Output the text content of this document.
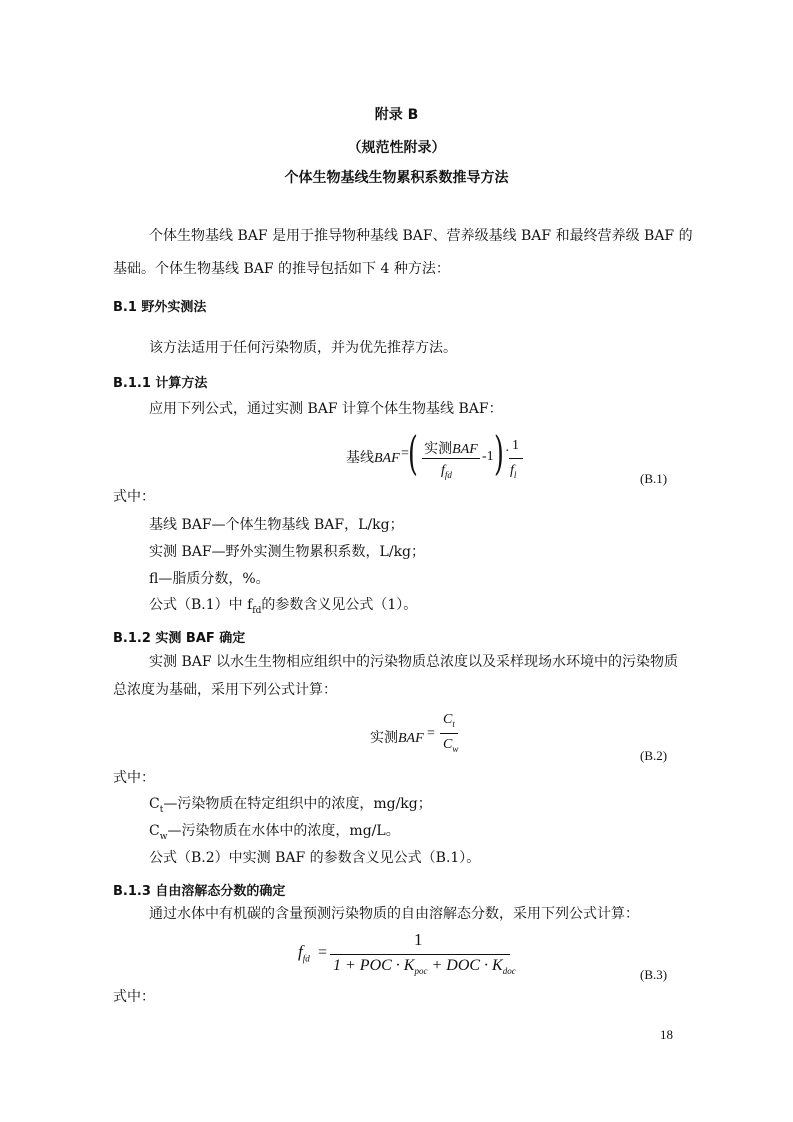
附录 B
（规范性附录）
个体生物基线生物累积系数推导方法
个体生物基线 BAF 是用于推导物种基线 BAF、营养级基线 BAF 和最终营养级 BAF 的
基础。个体生物基线 BAF 的推导包括如下 4 种方法：
B.1 野外实测法
该方法适用于任何污染物质，并为优先推荐方法。
B.1.1 计算方法
应用下列公式，通过实测 BAF 计算个体生物基线 BAF：
基线BAF = ( 实测BAF
$f_{fd}$
-1 ) · 1
$f_l$	(B.1)
式中：
基线 BAF—个体生物基线 BAF，L/kg；
实测 BAF—野外实测生物累积系数，L/kg；
fl—脂质分数，%。
公式（B.1）中 $f_{fd}$的参数含义见公式（1）。
B.1.2 实测 BAF 确定
实测 BAF 以水生生物相应组织中的污染物质总浓度以及采样现场水环境中的污染物质
总浓度为基础，采用下列公式计算：
实测BAF =
$C_t$
$C_w$	(B.2)
式中：
$C_t—$污染物质在特定组织中的浓度，mg/kg；
$C_w—$污染物质在水体中的浓度，mg/L。
公式（B.2）中实测 BAF 的参数含义见公式（B.1）。
B.1.3 自由溶解态分数的确定
通过水体中有机碳的含量预测污染物质的自由溶解态分数，采用下列公式计算：
$f_{fd}$ =
1
1 + POC · $K_{poc}$ + DOC · $K_{doc}$	(B.3)
式中：
18
